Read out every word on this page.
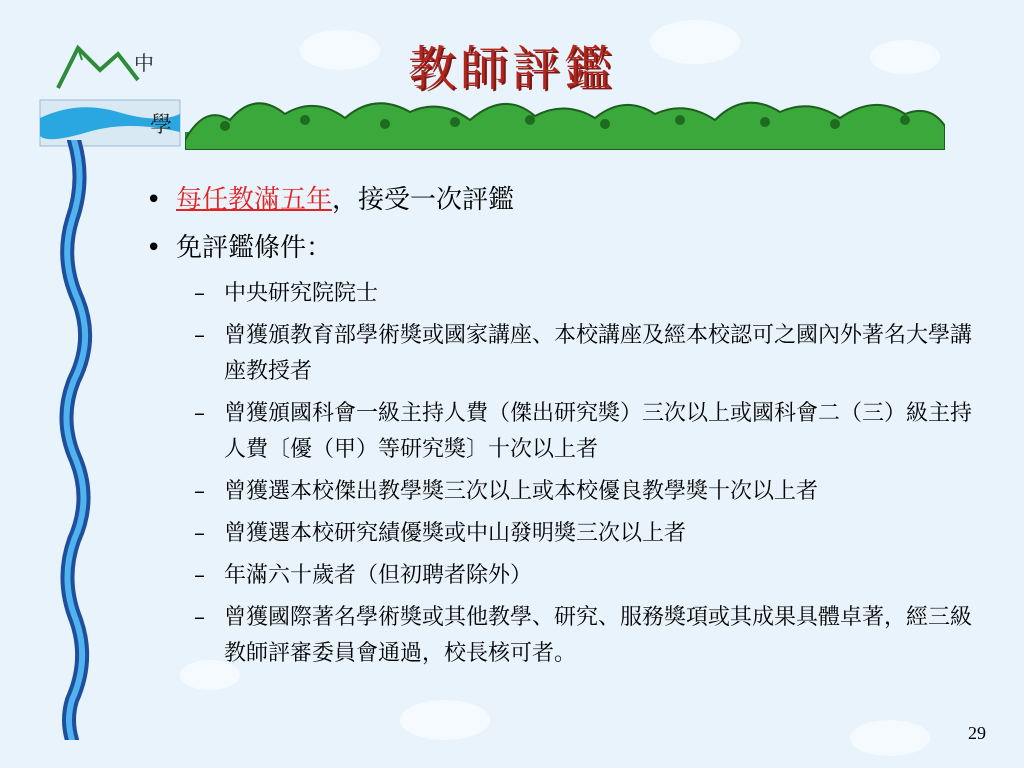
中
學
教師評鑑
• 每任教滿五年，接受一次評鑑
• 免評鑑條件：
– 中央研究院院士
– 曾獲頒教育部學術獎或國家講座、本校講座及經本校認可之國內外著名大學講座教授者
– 曾獲頒國科會一級主持人費（傑出研究獎）三次以上或國科會二（三）級主持人費〔優（甲）等研究獎〕十次以上者
– 曾獲選本校傑出教學獎三次以上或本校優良教學獎十次以上者
– 曾獲選本校研究績優獎或中山發明獎三次以上者
– 年滿六十歲者（但初聘者除外）
– 曾獲國際著名學術獎或其他教學、研究、服務獎項或其成果具體卓著，經三級教師評審委員會通過，校長核可者。
29
